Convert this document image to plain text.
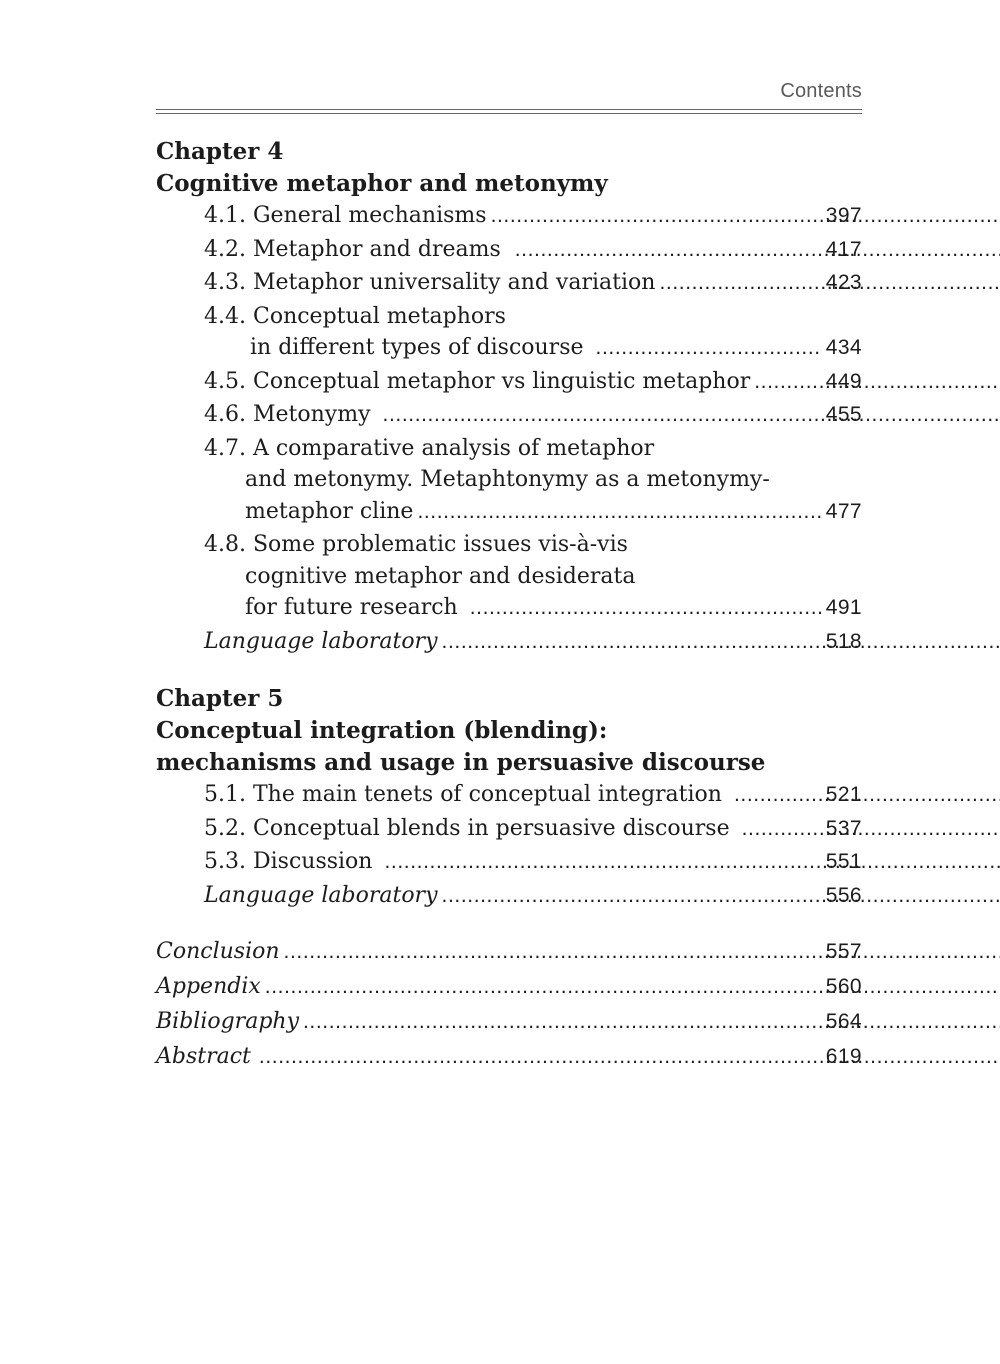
Contents
Chapter 4
Cognitive metaphor and metonymy
4.1. General mechanisms .....	397
4.2. Metaphor and dreams .....	417
4.3. Metaphor universality and variation .....	423
4.4. Conceptual metaphors
in different types of discourse .....	434
4.5. Conceptual metaphor vs linguistic metaphor .....	449
4.6. Metonymy .....	455
4.7. A comparative analysis of metaphor
and metonymy. Metaphtonymy as a metonymy-
metaphor cline .....	477
4.8. Some problematic issues vis-à-vis
cognitive metaphor and desiderata
for future research .....	491
Language laboratory .....	518
Chapter 5
Conceptual integration (blending):
mechanisms and usage in persuasive discourse
5.1. The main tenets of conceptual integration .....	521
5.2. Conceptual blends in persuasive discourse .....	537
5.3. Discussion .....	551
Language laboratory .....	556
Conclusion .....	557
Appendix .....	560
Bibliography .....	564
Abstract .....	619
